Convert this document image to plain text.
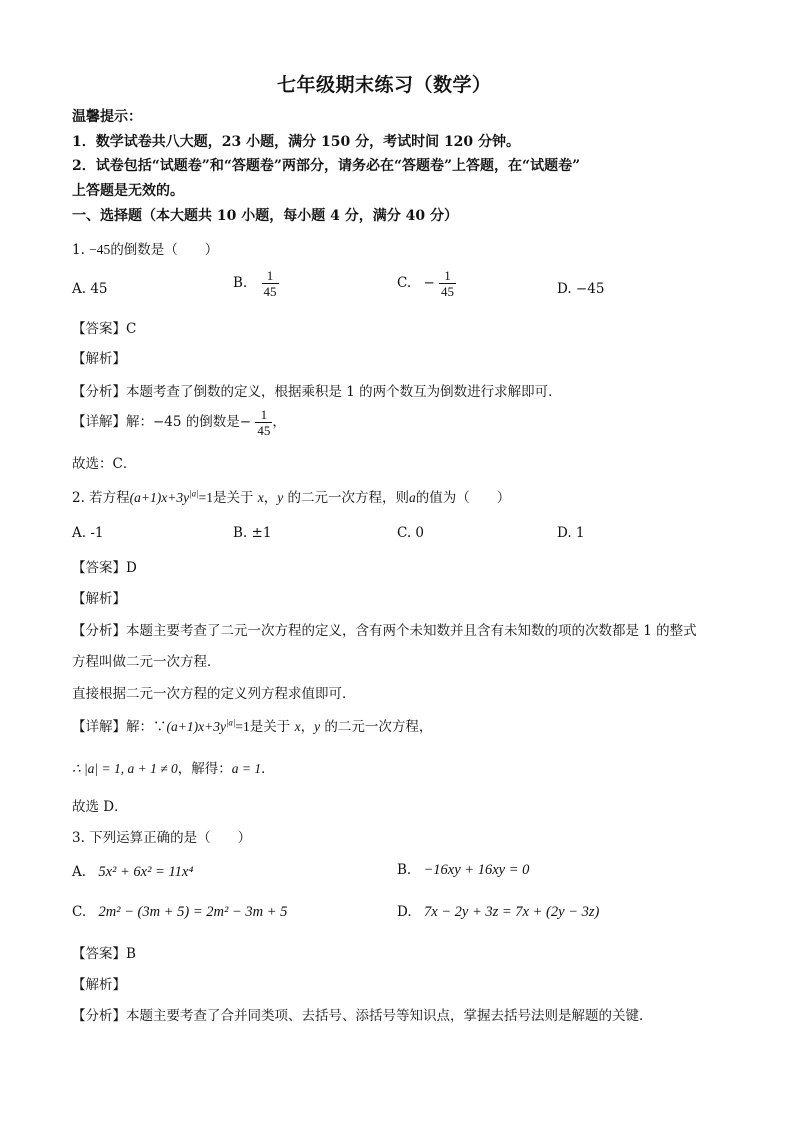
七年级期末练习（数学）
温馨提示：
1．数学试卷共八大题，23 小题，满分 150 分，考试时间 120 分钟。
2．试卷包括“试题卷”和“答题卷”两部分，请务必在“答题卷”上答题，在“试题卷”
上答题是无效的。
一、选择题（本大题共 10 小题，每小题 4 分，满分 40 分）
1. −45的倒数是（　　）
A. 45	B. $\frac{1}{45}$	C. − $\frac{1}{45}$	D. −45
【答案】C
【解析】
【分析】本题考查了倒数的定义，根据乘积是 1 的两个数互为倒数进行求解即可．
【详解】解：−45 的倒数是− $\frac{1}{45}$ ，
故选：C．
2. 若方程$(a+1)x+3y^{|a|}=1$是关于 x，y 的二元一次方程，则a的值为（　　）
A. -1	B. ±1	C. 0	D. 1
【答案】D
【解析】
【分析】本题主要考查了二元一次方程的定义，含有两个未知数并且含有未知数的项的次数都是 1 的整式
方程叫做二元一次方程．
直接根据二元一次方程的定义列方程求值即可．
【详解】解：$\because(a+1)x+3y^{|a|}=1$是关于 x，y 的二元一次方程，
∴ |a| = 1, a + 1 ≠ 0，解得：a = 1．
故选 D．
3. 下列运算正确的是（　　）
A. 5x² + 6x² = 11x⁴	B. −16xy + 16xy = 0
C. 2m² − (3m + 5) = 2m² − 3m + 5	D. 7x − 2y + 3z = 7x + (2y − 3z)
【答案】B
【解析】
【分析】本题主要考查了合并同类项、去括号、添括号等知识点，掌握去括号法则是解题的关键．
